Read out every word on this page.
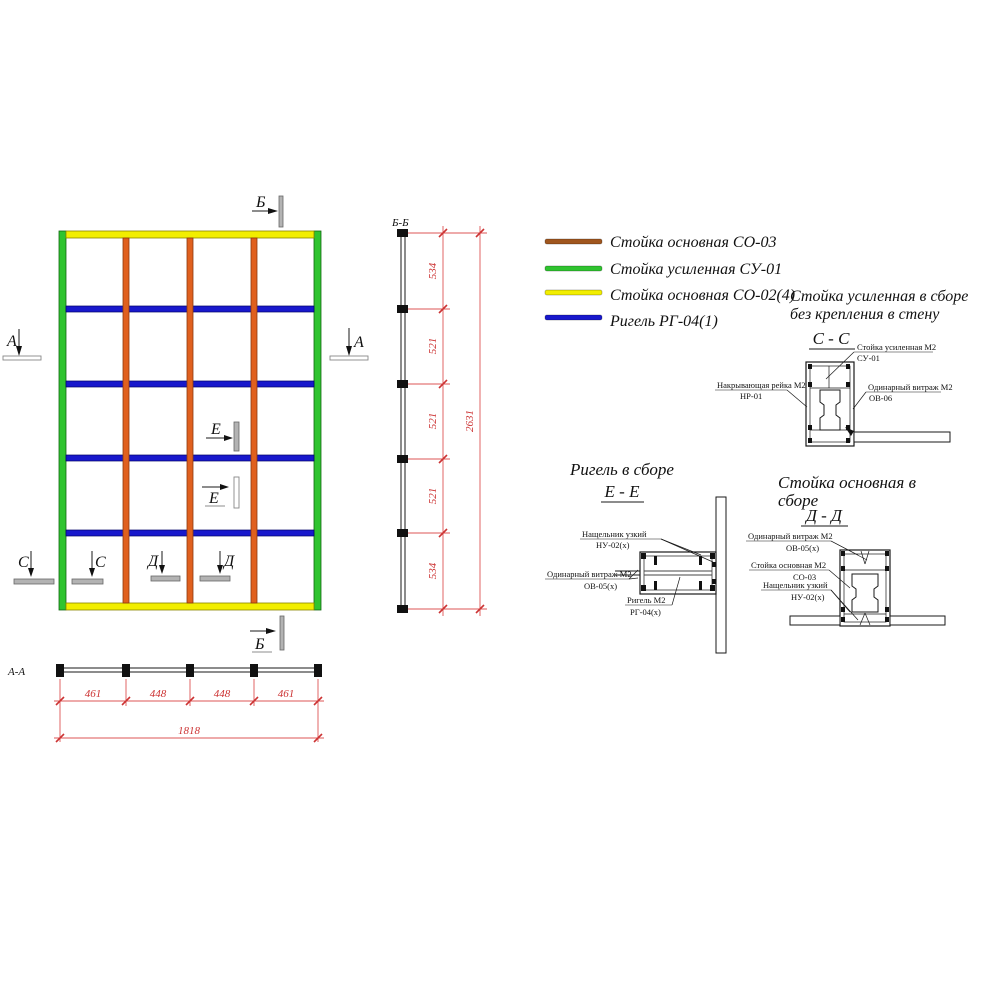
Б
Б
А	А
Е
Е
С	С	Д	Д
Б-Б
534
521
521
521
534
2631
А-А
461	448	448	461
1818
Стойка основная СО-03
Стойка усиленная СУ-01
Стойка основная СО-02(4)
Ригель РГ-04(1)
Стойка усиленная в сборе
без крепления в стену
С - С Стойка усиленная М2
СУ-01
Накрывающая рейка М2
НР-01
Одинарный витраж М2
ОВ-06
Ригель в сборе
Е - Е
Нащельник узкий
НУ-02(х)
Одинарный витраж М2
ОВ-05(х)
Ригель М2
РГ-04(х)
Стойка основная в
сборе
Д - Д
Одинарный витраж М2
ОВ-05(х)
Стойка основная М2
СО-03
Нащельник узкий
НУ-02(х)
